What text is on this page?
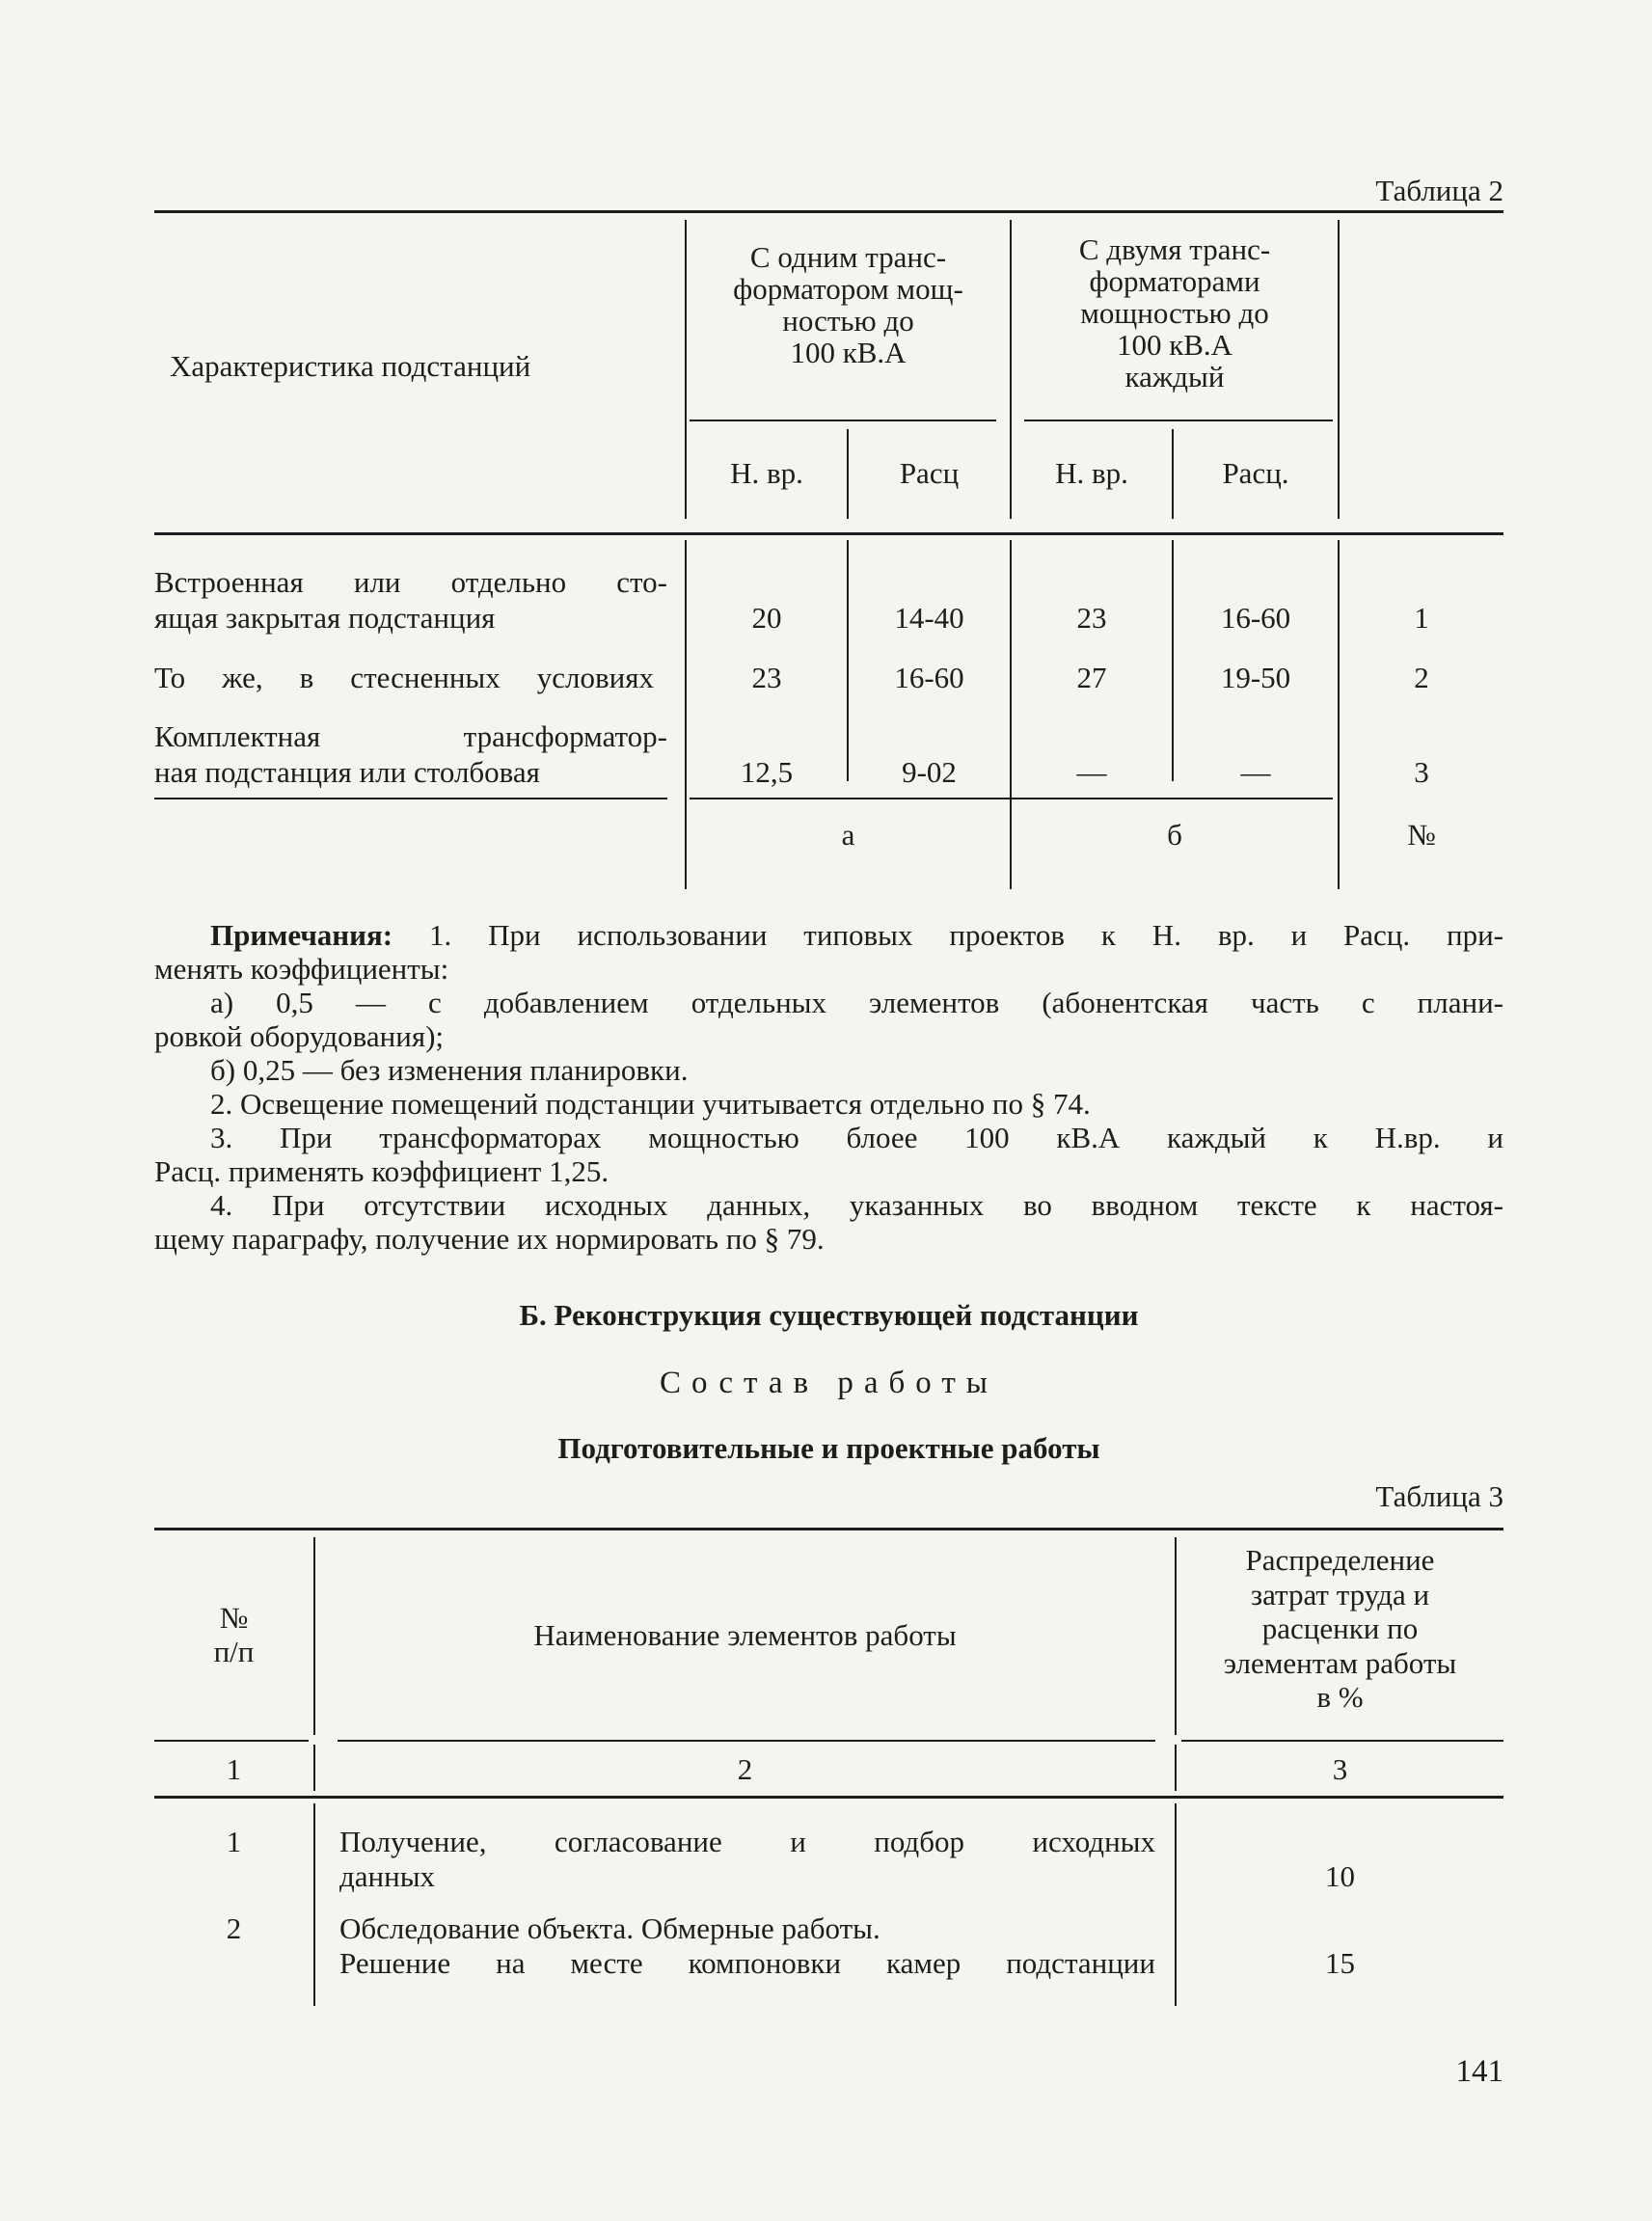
Таблица 2
Характеристика подстанций
С одним транс-
форматором мощ-
ностью до
100 кВ.А
С двумя транс-
форматорами
мощностью до
100 кВ.А
каждый
Н. вр.	Расц	Н. вр.	Расц.
Встроенная или отдельно сто-
ящая закрытая подстанция	20	14-40	23	16-60	1
То же, в стесненных условиях	23	16-60	27	19-50	2
Комплектная трансформатор-
ная подстанция или столбовая	12,5	9-02	—	—	3
а	б	№
Примечания: 1. При использовании типовых проектов к Н. вр. и Расц. при-
менять коэффициенты:
а) 0,5 — с добавлением отдельных элементов (абонентская часть с плани-
ровкой оборудования);
б) 0,25 — без изменения планировки.
2. Освещение помещений подстанции учитывается отдельно по § 74.
3. При трансформаторах мощностью блоее 100 кВ.А каждый к Н.вр. и
Расц. применять коэффициент 1,25.
4. При отсутствии исходных данных, указанных во вводном тексте к настоя-
щему параграфу, получение их нормировать по § 79.
Б. Реконструкция существующей подстанции
Состав работы
Подготовительные и проектные работы
Таблица 3
№
п/п	Наименование элементов работы
Распределение
затрат труда и
расценки по
элементам работы
в %
1	2	3
1	Получение, согласование и подбор исходных
данных	10
2	Обследование объекта. Обмерные работы.
Решение на месте компоновки камер подстанции	15
141
